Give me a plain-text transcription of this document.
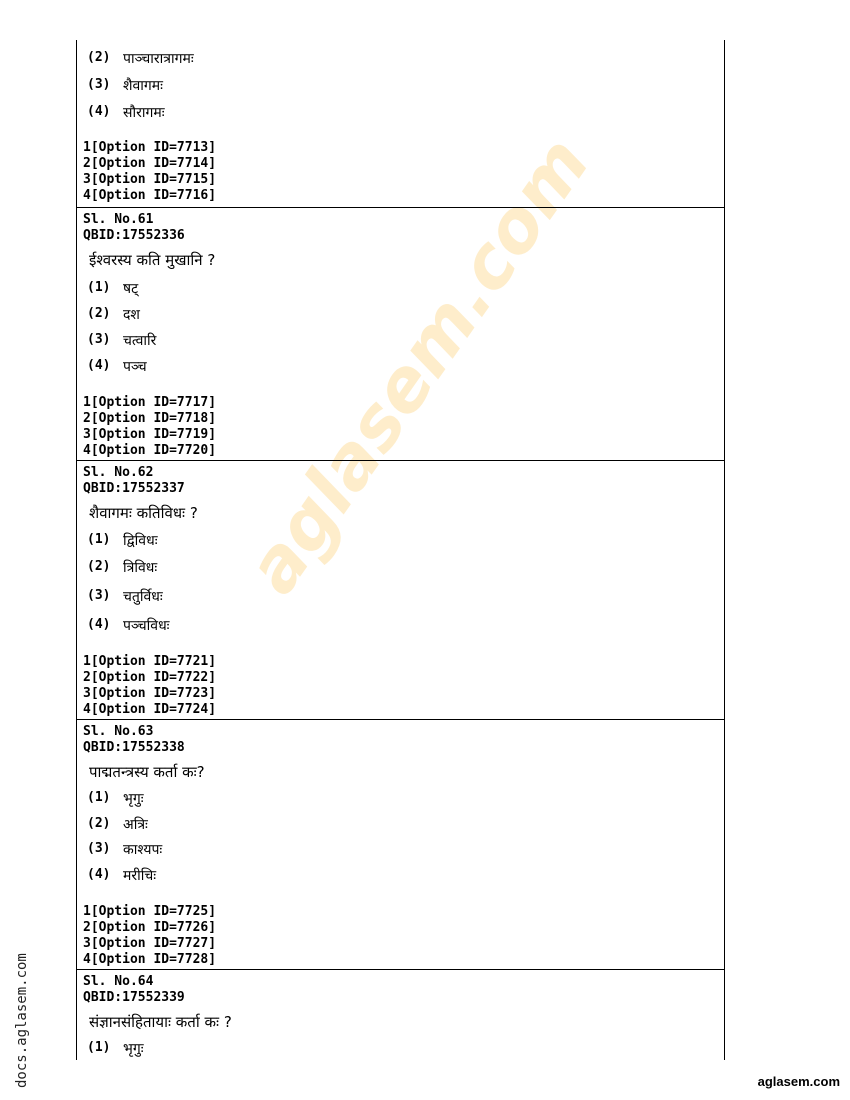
aglasem.com
(2) पाञ्चारात्रागमः
(3) शैवागमः
(4) सौरागमः
1[Option ID=7713]
2[Option ID=7714]
3[Option ID=7715]
4[Option ID=7716]
Sl. No.61
QBID:17552336
ईश्वरस्य कति मुखानि ?
(1) षट्
(2) दश
(3) चत्वारि
(4) पञ्च
1[Option ID=7717]
2[Option ID=7718]
3[Option ID=7719]
4[Option ID=7720]
Sl. No.62
QBID:17552337
शैवागमः कतिविधः ?
(1) द्विविधः
(2) त्रिविधः
(3) चतुर्विधः
(4) पञ्चविधः
1[Option ID=7721]
2[Option ID=7722]
3[Option ID=7723]
4[Option ID=7724]
Sl. No.63
QBID:17552338
पाद्मतन्त्रस्य कर्ता कः?
(1) भृगुः
(2) अत्रिः
(3) काश्यपः
(4) मरीचिः
1[Option ID=7725]
2[Option ID=7726]
3[Option ID=7727]
4[Option ID=7728]
Sl. No.64
QBID:17552339
संज्ञानसंहितायाः कर्ता कः ?
(1) भृगुः
docs.aglasem.com	aglasem.com
